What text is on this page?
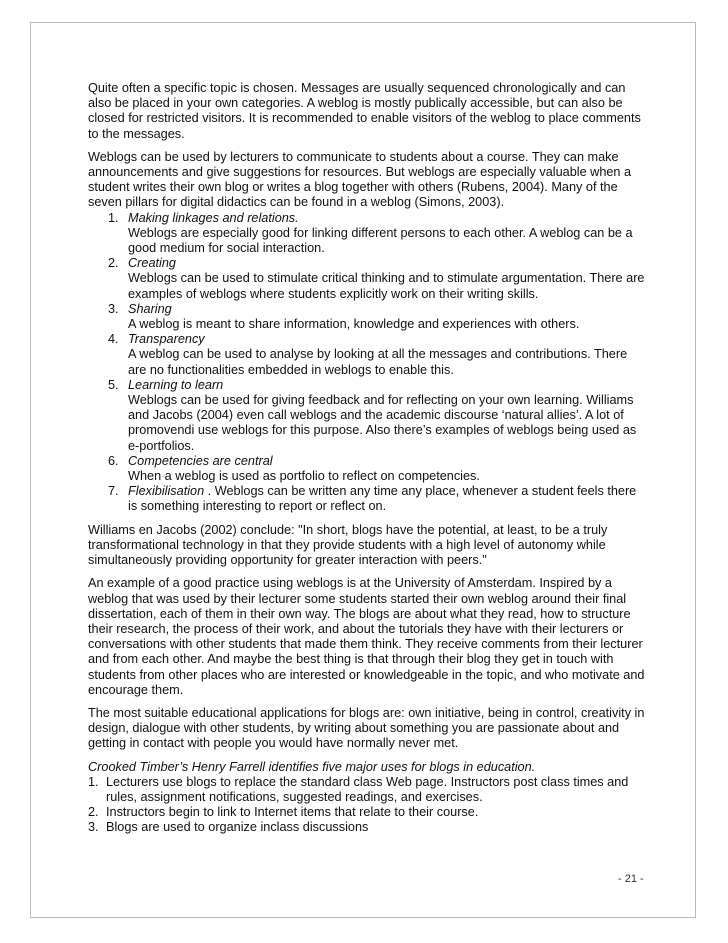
Quite often a specific topic is chosen. Messages are usually sequenced chronologically and can also be placed in your own categories. A weblog is mostly publically accessible, but can also be closed for restricted visitors. It is recommended to enable visitors of the weblog to place comments to the messages.

Weblogs can be used by lecturers to communicate to students about a course. They can make announcements and give suggestions for resources. But weblogs are especially valuable when a student writes their own blog or writes a blog together with others (Rubens, 2004). Many of the seven pillars for digital didactics can be found in a weblog (Simons, 2003).

1. Making linkages and relations.
Weblogs are especially good for linking different persons to each other. A weblog can be a good medium for social interaction.
2. Creating
Weblogs can be used to stimulate critical thinking and to stimulate argumentation. There are examples of weblogs where students explicitly work on their writing skills.
3. Sharing
A weblog is meant to share information, knowledge and experiences with others.
4. Transparency
A weblog can be used to analyse by looking at all the messages and contributions. There are no functionalities embedded in weblogs to enable this.
5. Learning to learn
Weblogs can be used for giving feedback and for reflecting on your own learning. Williams and Jacobs (2004) even call weblogs and the academic discourse ‘natural allies’. A lot of promovendi use weblogs for this purpose. Also there’s examples of weblogs being used as e-portfolios.
6. Competencies are central
When a weblog is used as portfolio to reflect on competencies.
7. Flexibilisation . Weblogs can be written any time any place, whenever a student feels there is something interesting to report or reflect on.

Williams en Jacobs (2002) conclude: "In short, blogs have the potential, at least, to be a truly transformational technology in that they provide students with a high level of autonomy while simultaneously providing opportunity for greater interaction with peers."

An example of a good practice using weblogs is at the University of Amsterdam. Inspired by a weblog that was used by their lecturer some students started their own weblog around their final dissertation, each of them in their own way. The blogs are about what they read, how to structure their research, the process of their work, and about the tutorials they have with their lecturers or conversations with other students that made them think. They receive comments from their lecturer and from each other. And maybe the best thing is that through their blog they get in touch with students from other places who are interested or knowledgeable in the topic, and who motivate and encourage them.

The most suitable educational applications for blogs are: own initiative, being in control, creativity in design, dialogue with other students, by writing about something you are passionate about and getting in contact with people you would have normally never met.

Crooked Timber’s Henry Farrell identifies five major uses for blogs in education.

1. Lecturers use blogs to replace the standard class Web page. Instructors post class times and rules, assignment notifications, suggested readings, and exercises.
2. Instructors begin to link to Internet items that relate to their course.
3. Blogs are used to organize inclass discussions
- 21 -
